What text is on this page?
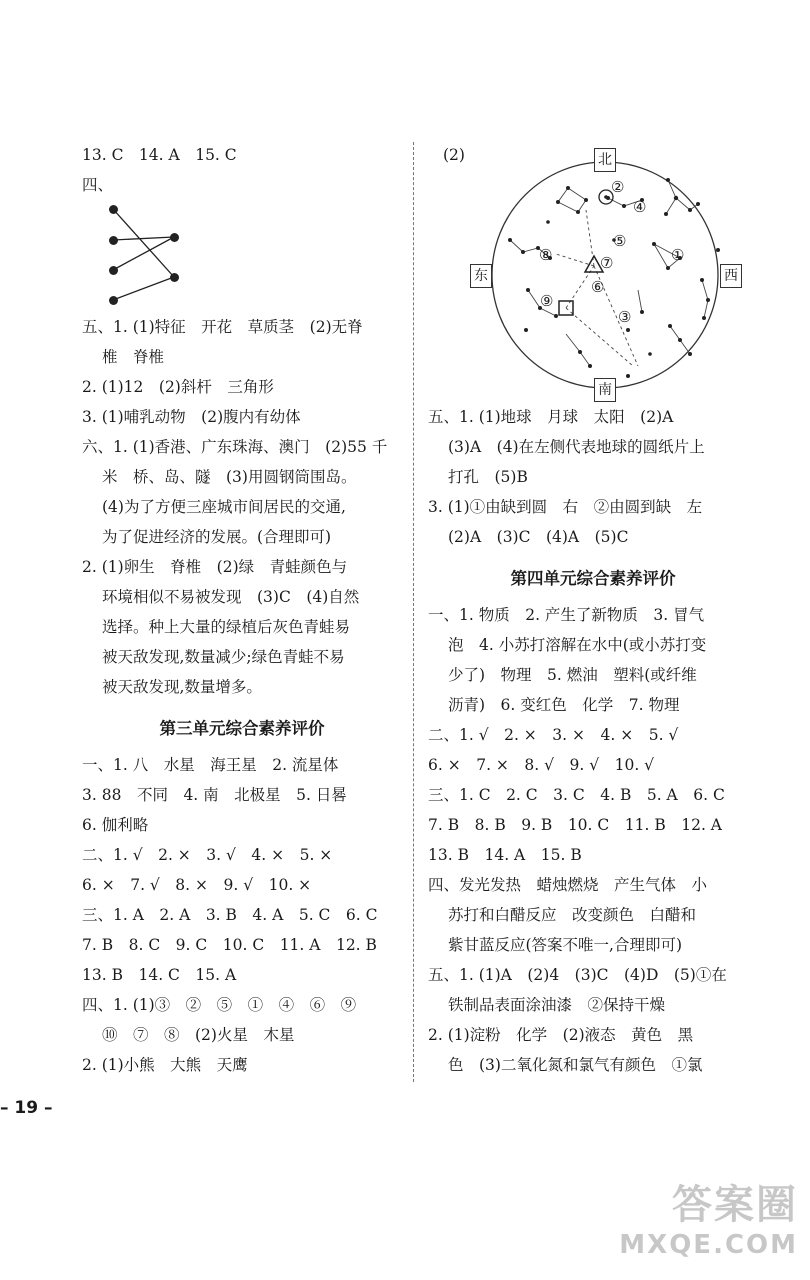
13. C　14. A　15. C
四、
五、1. (1)特征　开花　草质茎　(2)无脊
椎　脊椎
2. (1)12　(2)斜杆　三角形
3. (1)哺乳动物　(2)腹内有幼体
六、1. (1)香港、广东珠海、澳门　(2)55 千
米　桥、岛、隧　(3)用圆钢筒围岛。
(4)为了方便三座城市间居民的交通,
为了促进经济的发展。(合理即可)
2. (1)卵生　脊椎　(2)绿　青蛙颜色与
环境相似不易被发现　(3)C　(4)自然
选择。种上大量的绿植后灰色青蛙易
被天敌发现,数量减少;绿色青蛙不易
被天敌发现,数量增多。
第三单元综合素养评价
一、1. 八　水星　海王星　2. 流星体
3. 88　不同　4. 南　北极星　5. 日晷
6. 伽利略
二、1. √　2. ×　3. √　4. ×　5. ×
6. ×　7. √　8. ×　9. √　10. ×
三、1. A　2. A　3. B　4. A　5. C　6. C
7. B　8. C　9. C　10. C　11. A　12. B
13. B　14. C　15. A
四、1. (1)③　②　⑤　①　④　⑥　⑨
⑩　⑦　⑧　(2)火星　木星
2. (1)小熊　大熊　天鹰
(2)
②
④
⑤
①
⑧	⑦
⑥
⑨
③
北
南
东	西
五、1. (1)地球　月球　太阳　(2)A
(3)A　(4)在左侧代表地球的圆纸片上
打孔　(5)B
3. (1)①由缺到圆　右　②由圆到缺　左
(2)A　(3)C　(4)A　(5)C
第四单元综合素养评价
一、1. 物质　2. 产生了新物质　3. 冒气
泡　4. 小苏打溶解在水中(或小苏打变
少了)　物理　5. 燃油　塑料(或纤维
沥青)　6. 变红色　化学　7. 物理
二、1. √　2. ×　3. ×　4. ×　5. √
6. ×　7. ×　8. √　9. √　10. √
三、1. C　2. C　3. C　4. B　5. A　6. C
7. B　8. B　9. B　10. C　11. B　12. A
13. B　14. A　15. B
四、发光发热　蜡烛燃烧　产生气体　小
苏打和白醋反应　改变颜色　白醋和
紫甘蓝反应(答案不唯一,合理即可)
五、1. (1)A　(2)4　(3)C　(4)D　(5)①在
铁制品表面涂油漆　②保持干燥
2. (1)淀粉　化学　(2)液态　黄色　黑
色　(3)二氧化氮和氯气有颜色　①氯
– 19 –
答案圈
MXQE.COM
